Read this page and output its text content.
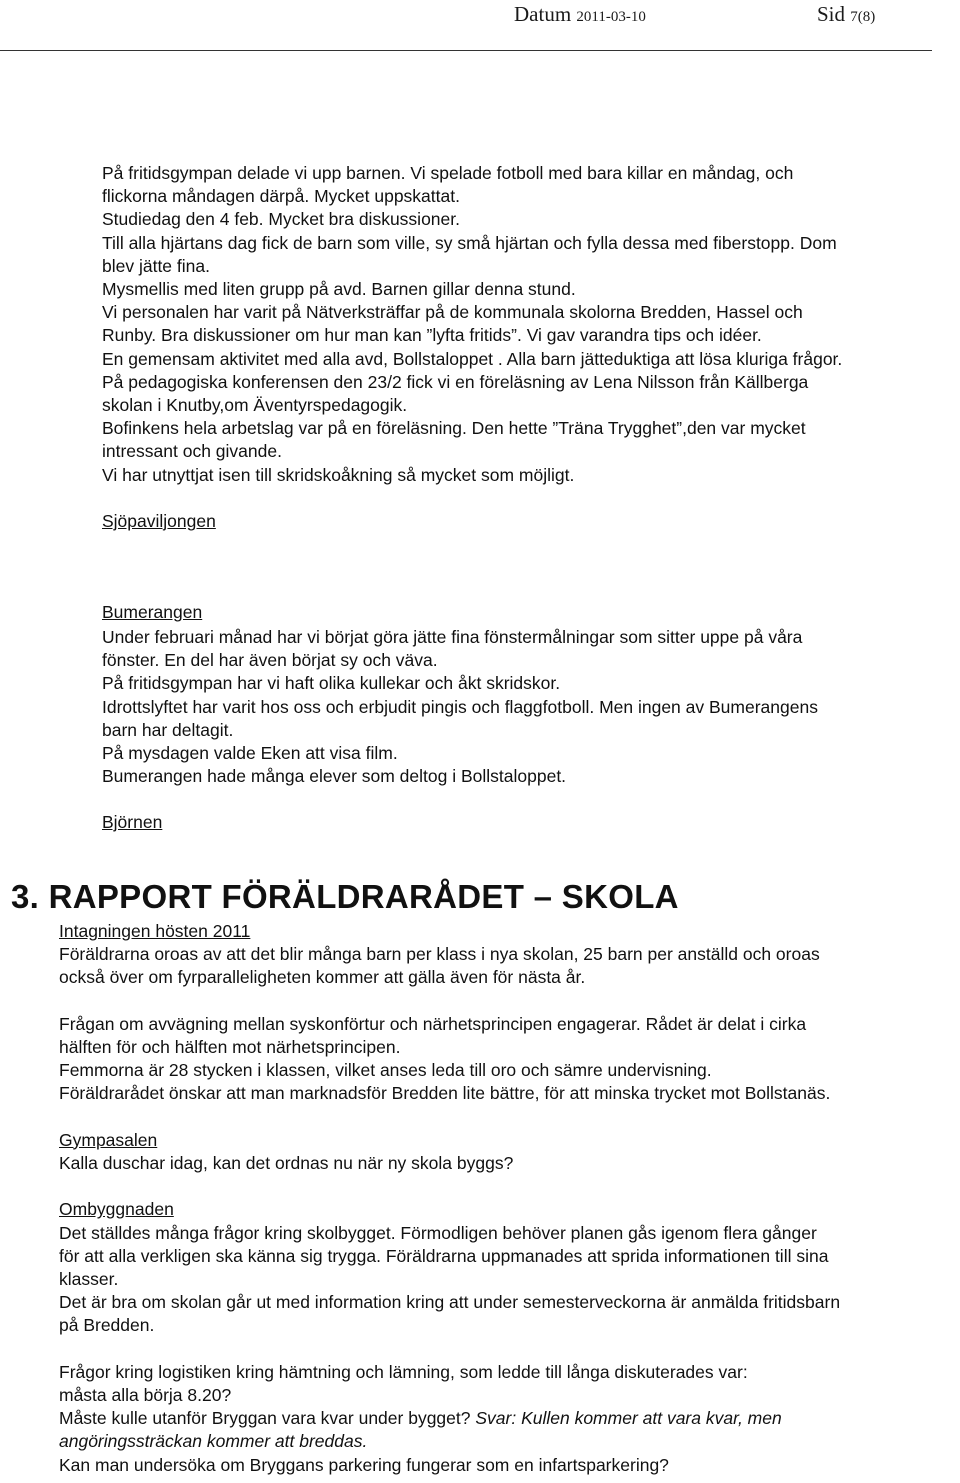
Datum 2011-03-10	Sid 7(8)

På fritidsgympan delade vi upp barnen. Vi spelade fotboll med bara killar en måndag, och

flickorna måndagen därpå. Mycket uppskattat.

Studiedag den 4 feb. Mycket bra diskussioner.

Till alla hjärtans dag fick de barn som ville, sy små hjärtan och fylla dessa med fiberstopp. Dom

blev jätte fina.

Mysmellis med liten grupp på avd. Barnen gillar denna stund.

Vi personalen har varit på Nätverksträffar på de kommunala skolorna Bredden, Hassel och

Runby. Bra diskussioner om hur man kan ”lyfta fritids”. Vi gav varandra tips och idéer.

En gemensam aktivitet med alla avd, Bollstaloppet . Alla barn jätteduktiga att lösa kluriga frågor.

På pedagogiska konferensen den 23/2 fick vi en föreläsning av Lena Nilsson från Källberga

skolan i Knutby,om Äventyrspedagogik.

Bofinkens hela arbetslag var på en föreläsning. Den hette ”Träna Trygghet”,den var mycket

intressant och givande.

Vi har utnyttjat isen till skridskoåkning så mycket som möjligt.

Sjöpaviljongen
Bumerangen

Under februari månad har vi börjat göra jätte fina fönstermålningar som sitter uppe på våra

fönster. En del har även börjat sy och väva.

På fritidsgympan har vi haft olika kullekar och åkt skridskor.

Idrottslyftet har varit hos oss och erbjudit pingis och flaggfotboll. Men ingen av Bumerangens

barn har deltagit.

På mysdagen valde Eken att visa film.

Bumerangen hade många elever som deltog i Bollstaloppet.

Björnen
3. RAPPORT FÖRÄLDRARÅDET – SKOLA

Intagningen hösten 2011

Föräldrarna oroas av att det blir många barn per klass i nya skolan, 25 barn per anställd och oroas

också över om fyrparalleligheten kommer att gälla även för nästa år.

Frågan om avvägning mellan syskonförtur och närhetsprincipen engagerar. Rådet är delat i cirka

hälften för och hälften mot närhetsprincipen.

Femmorna är 28 stycken i klassen, vilket anses leda till oro och sämre undervisning.

Föräldrarådet önskar att man marknadsför Bredden lite bättre, för att minska trycket mot Bollstanäs.

Gympasalen

Kalla duschar idag, kan det ordnas nu när ny skola byggs?

Ombyggnaden

Det ställdes många frågor kring skolbygget. Förmodligen behöver planen gås igenom flera gånger

för att alla verkligen ska känna sig trygga. Föräldrarna uppmanades att sprida informationen till sina

klasser.

Det är bra om skolan går ut med information kring att under semesterveckorna är anmälda fritidsbarn

på Bredden.

Frågor kring logistiken kring hämtning och lämning, som ledde till långa diskuterades var:

måsta alla börja 8.20?

Måste kulle utanför Bryggan vara kvar under bygget? Svar: Kullen kommer att vara kvar, men

angöringssträckan kommer att breddas.

Kan man undersöka om Bryggans parkering fungerar som en infartsparkering?
